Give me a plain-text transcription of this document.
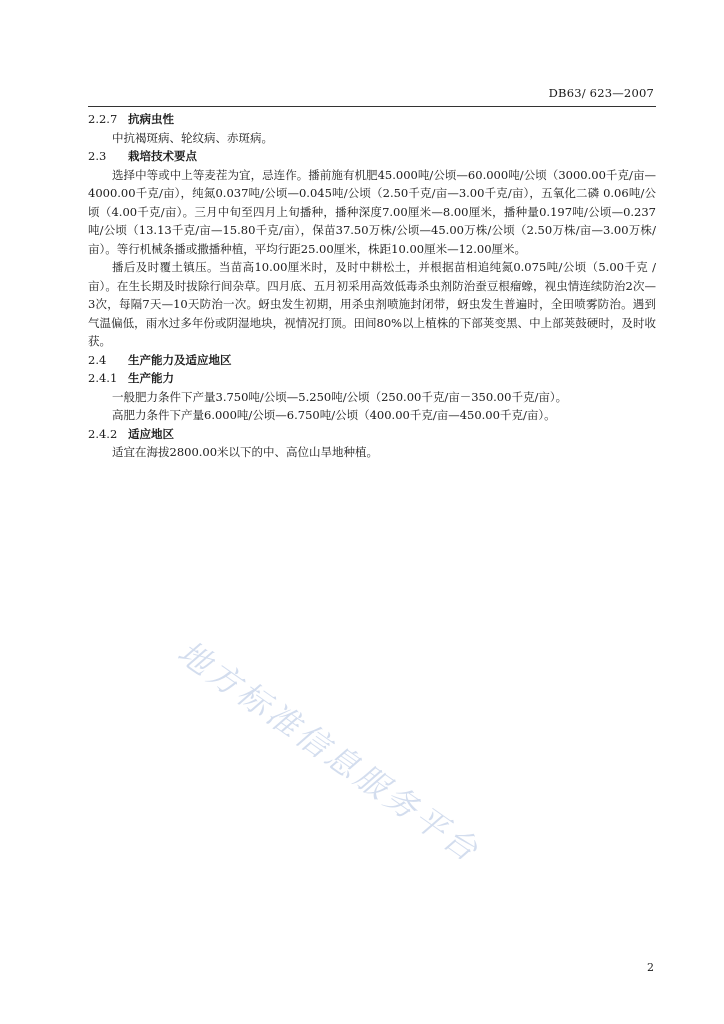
DB63/ 623—2007
2.2.7 抗病虫性

中抗褐斑病、轮纹病、赤斑病。

2.3 栽培技术要点

选择中等或中上等麦茬为宜，忌连作。播前施有机肥45.000吨/公顷—60.000吨/公顷（3000.00千克/亩—4000.00千克/亩），纯氮0.037吨/公顷—0.045吨/公顷（2.50千克/亩—3.00千克/亩），五氧化二磷 0.06吨/公顷（4.00千克/亩）。三月中旬至四月上旬播种，播种深度7.00厘米—8.00厘米，播种量0.197吨/公顷—0.237吨/公顷（13.13千克/亩—15.80千克/亩），保苗37.50万株/公顷—45.00万株/公顷（2.50万株/亩—3.00万株/亩）。等行机械条播或撒播种植，平均行距25.00厘米，株距10.00厘米—12.00厘米。

播后及时覆土镇压。当苗高10.00厘米时，及时中耕松土，并根据苗相追纯氮0.075吨/公顷（5.00千克 / 亩）。在生长期及时拔除行间杂草。四月底、五月初采用高效低毒杀虫剂防治蚕豆根瘤蟓，视虫情连续防治2次—3次，每隔7天—10天防治一次。蚜虫发生初期，用杀虫剂喷施封闭带，蚜虫发生普遍时，全田喷雾防治。遇到气温偏低，雨水过多年份或阴湿地块，视情况打顶。田间80%以上植株的下部荚变黑、中上部荚鼓硬时，及时收获。

2.4 生产能力及适应地区
2.4.1 生产能力

一般肥力条件下产量3.750吨/公顷—5.250吨/公顷（250.00千克/亩－350.00千克/亩）。

高肥力条件下产量6.000吨/公顷—6.750吨/公顷（400.00千克/亩—450.00千克/亩）。

2.4.2 适应地区

适宜在海拔2800.00米以下的中、高位山旱地种植。

地方标准信息服务平台
2
